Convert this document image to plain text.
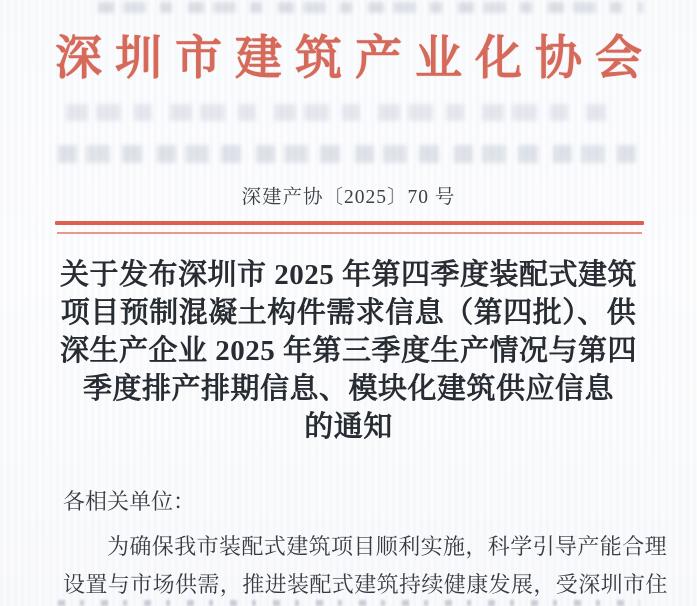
深圳市建筑产业化协会
深建产协〔2025〕70 号
关于发布深圳市 2025 年第四季度装配式建筑
项目预制混凝土构件需求信息（第四批）、供
深生产企业 2025 年第三季度生产情况与第四
季度排产排期信息、模块化建筑供应信息
的通知
各相关单位：
为确保我市装配式建筑项目顺利实施，科学引导产能合理
设置与市场供需，推进装配式建筑持续健康发展，受深圳市住
